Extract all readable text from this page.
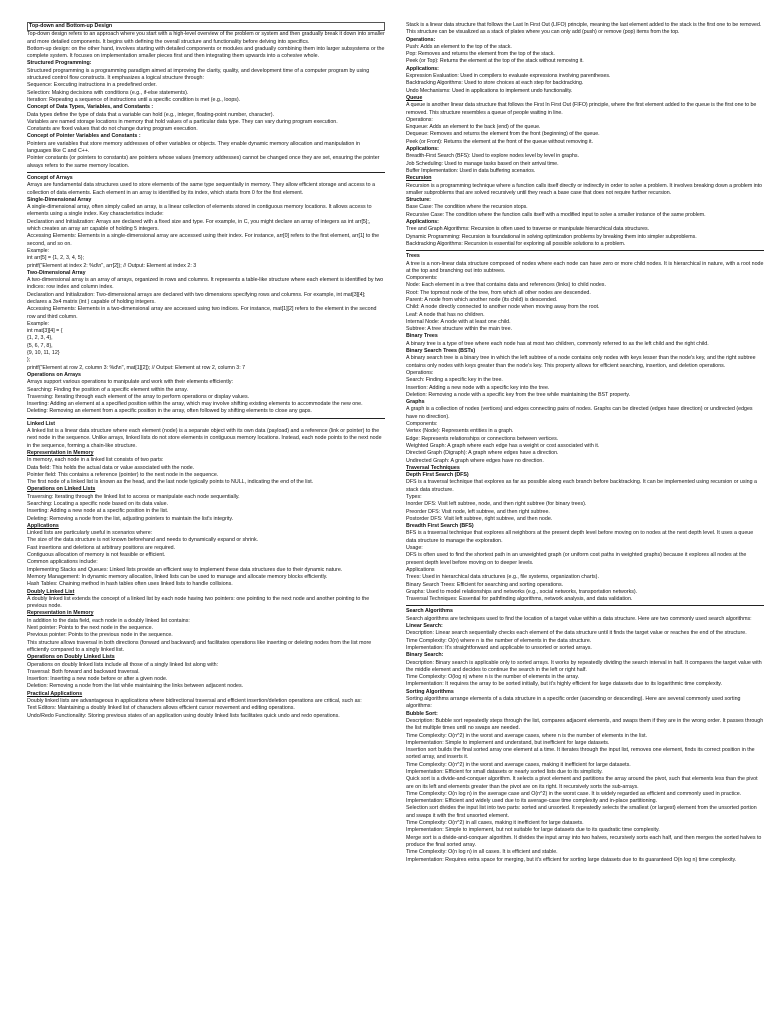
Top-down and Bottom-up Design

Top-down design refers to an approach where you start with a high-level overview of the problem or system and then gradually break it down into smaller and more detailed components. It begins with defining the overall structure and functionality before delving into specifics.

Bottom-up design: on the other hand, involves starting with detailed components or modules and gradually combining them into larger subsystems or the complete system. It focuses on implementation smaller pieces first and then integrating them upwards into a cohesive whole.

Structured Programming:

Structured programming is a programming paradigm aimed at improving the clarity, quality, and development time of a computer program by using structured control flow constructs. It emphasizes a logical structure through:

Sequence: Executing instructions in a predefined order.

Selection: Making decisions with conditions (e.g., if-else statements).

Iteration: Repeating a sequence of instructions until a specific condition is met (e.g., loops).

Concept of Data Types, Variables, and Constants :

Data types define the type of data that a variable can hold (e.g., integer, floating-point number, character).

Variables are named storage locations in memory that hold values of a particular data type. They can vary during program execution.

Constants are fixed values that do not change during program execution.

Concept of Pointer Variables and Constants :

Pointers are variables that store memory addresses of other variables or objects. They enable dynamic memory allocation and manipulation in languages like C and C++.

Pointer constants (or pointers to constants) are pointers whose values (memory addresses) cannot be changed once they are set, ensuring the pointer always refers to the same memory location.

Concept of Arrays

Arrays are fundamental data structures used to store elements of the same type sequentially in memory. They allow efficient storage and access to a collection of data elements. Each element in an array is identified by its index, which starts from 0 for the first element.

Single-Dimensional Array

A single-dimensional array, often simply called an array, is a linear collection of elements stored in contiguous memory locations. It allows access to elements using a single index. Key characteristics include:

Declaration and Initialization: Arrays are declared with a fixed size and type. For example, in C, you might declare an array of integers as int arr[5];, which creates an array arr capable of holding 5 integers.

Accessing Elements: Elements in a single-dimensional array are accessed using their index. For instance, arr[0] refers to the first element, arr[1] to the second, and so on.

Example:

int arr[5] = {1, 2, 3, 4, 5};

printf("Element at index 2: %d\n", arr[2]); // Output: Element at index 2: 3

Two-Dimensional Array

A two-dimensional array is an array of arrays, organized in rows and columns. It represents a table-like structure where each element is identified by two indices: row index and column index.

Declaration and Initialization: Two-dimensional arrays are declared with two dimensions specifying rows and columns. For example, int mat[3][4]; declares a 3x4 matrix (int ) capable of holding integers.

Accessing Elements: Elements in a two-dimensional array are accessed using two indices. For instance, mat[1][2] refers to the element in the second row and third column.

Example:

int mat[3][4] = {

{1, 2, 3, 4},

{5, 6, 7, 8},

{9, 10, 11, 12}

};

printf("Element at row 2, column 3: %d\n", mat[1][2]); // Output: Element at row 2, column 3: 7

Operations on Arrays

Arrays support various operations to manipulate and work with their elements efficiently:

Searching: Finding the position of a specific element within the array.

Traversing: Iterating through each element of the array to perform operations or display values.

Inserting: Adding an element at a specified position within the array, which may involve shifting existing elements to accommodate the new one.

Deleting: Removing an element from a specific position in the array, often followed by shifting elements to close any gaps.

Linked List

A linked list is a linear data structure where each element (node) is a separate object with its own data (payload) and a reference (link or pointer) to the next node in the sequence. Unlike arrays, linked lists do not store elements in contiguous memory locations. Instead, each node points to the next node in the sequence, forming a chain-like structure.

Representation in Memory

In memory, each node in a linked list consists of two parts:

Data field: This holds the actual data or value associated with the node.

Pointer field: This contains a reference (pointer) to the next node in the sequence.

The first node of a linked list is known as the head, and the last node typically points to NULL, indicating the end of the list.

Operations on Linked Lists

Traversing: Iterating through the linked list to access or manipulate each node sequentially.

Searching: Locating a specific node based on its data value.

Inserting: Adding a new node at a specific position in the list.

Deleting: Removing a node from the list, adjusting pointers to maintain the list's integrity.

Applications

Linked lists are particularly useful in scenarios where:

The size of the data structure is not known beforehand and needs to dynamically expand or shrink.

Fast insertions and deletions at arbitrary positions are required.

Contiguous allocation of memory is not feasible or efficient.

Common applications include:

Implementing Stacks and Queues: Linked lists provide an efficient way to implement these data structures due to their dynamic nature.

Memory Management: In dynamic memory allocation, linked lists can be used to manage and allocate memory blocks efficiently.

Hash Tables: Chaining method in hash tables often uses linked lists to handle collisions.

Doubly Linked List

A doubly linked list extends the concept of a linked list by each node having two pointers: one pointing to the next node and another pointing to the previous node.

Representation in Memory

In addition to the data field, each node in a doubly linked list contains:

Next pointer: Points to the next node in the sequence.

Previous pointer: Points to the previous node in the sequence.

This structure allows traversal in both directions (forward and backward) and facilitates operations like inserting or deleting nodes from the list more efficiently compared to a singly linked list.

Operations on Doubly Linked Lists

Operations on doubly linked lists include all those of a singly linked list along with:

Traversal: Both forward and backward traversal.

Insertion: Inserting a new node before or after a given node.

Deletion: Removing a node from the list while maintaining the links between adjacent nodes.

Practical Applications

Doubly linked lists are advantageous in applications where bidirectional traversal and efficient insertion/deletion operations are critical, such as:

Text Editors: Maintaining a doubly linked list of characters allows efficient cursor movement and editing operations.

Undo/Redo Functionality: Storing previous states of an application using doubly linked lists facilitates quick undo and redo operations.

Stack is a linear data structure that follows the Last In First Out (LIFO) principle, meaning the last element added to the stack is the first one to be removed. This structure can be visualized as a stack of plates where you can only add (push) or remove (pop) items from the top.

Operations:

Push: Adds an element to the top of the stack.

Pop: Removes and returns the element from the top of the stack.

Peek (or Top): Returns the element at the top of the stack without removing it.

Applications:

Expression Evaluation: Used in compilers to evaluate expressions involving parentheses.

Backtracking Algorithms: Used to store choices at each step for backtracking.

Undo Mechanisms: Used in applications to implement undo functionality.

Queue

A queue is another linear data structure that follows the First In First Out (FIFO) principle, where the first element added to the queue is the first one to be removed. This structure resembles a queue of people waiting in line.

Operations:

Enqueue: Adds an element to the back (end) of the queue.

Dequeue: Removes and returns the element from the front (beginning) of the queue.

Peek (or Front): Returns the element at the front of the queue without removing it.

Applications:

Breadth-First Search (BFS): Used to explore nodes level by level in graphs.

Job Scheduling: Used to manage tasks based on their arrival time.

Buffer Implementation: Used in data buffering scenarios.

Recursion

Recursion is a programming technique where a function calls itself directly or indirectly in order to solve a problem. It involves breaking down a problem into smaller subproblems that are solved recursively until they reach a base case that does not require further recursion.

Structure:

Base Case: The condition where the recursion stops.

Recursive Case: The condition where the function calls itself with a modified input to solve a smaller instance of the same problem.

Applications:

Tree and Graph Algorithms: Recursion is often used to traverse or manipulate hierarchical data structures.

Dynamic Programming: Recursion is foundational in solving optimization problems by breaking them into simpler subproblems.

Backtracking Algorithms: Recursion is essential for exploring all possible solutions to a problem.

Trees

A tree is a non-linear data structure composed of nodes where each node can have zero or more child nodes. It is hierarchical in nature, with a root node at the top and branching out into subtrees.

Components:

Node: Each element in a tree that contains data and references (links) to child nodes.

Root: The topmost node of the tree, from which all other nodes are descended.

Parent: A node from which another node (its child) is descended.

Child: A node directly connected to another node when moving away from the root.

Leaf: A node that has no children.

Internal Node: A node with at least one child.

Subtree: A tree structure within the main tree.

Binary Trees

A binary tree is a type of tree where each node has at most two children, commonly referred to as the left child and the right child.

Binary Search Trees (BSTs)

A binary search tree is a binary tree in which the left subtree of a node contains only nodes with keys lesser than the node's key, and the right subtree contains only nodes with keys greater than the node's key. This property allows for efficient searching, insertion, and deletion operations.

Operations:

Search: Finding a specific key in the tree.

Insertion: Adding a new node with a specific key into the tree.

Deletion: Removing a node with a specific key from the tree while maintaining the BST property.

Graphs

A graph is a collection of nodes (vertices) and edges connecting pairs of nodes. Graphs can be directed (edges have direction) or undirected (edges have no direction).

Components:

Vertex (Node): Represents entities in a graph.

Edge: Represents relationships or connections between vertices.

Weighted Graph: A graph where each edge has a weight or cost associated with it.

Directed Graph (Digraph): A graph where edges have a direction.

Undirected Graph: A graph where edges have no direction.

Traversal Techniques

Depth First Search (DFS)

DFS is a traversal technique that explores as far as possible along each branch before backtracking. It can be implemented using recursion or using a stack data structure.

Types:

Inorder DFS: Visit left subtree, node, and then right subtree (for binary trees).

Preorder DFS: Visit node, left subtree, and then right subtree.

Postorder DFS: Visit left subtree, right subtree, and then node.

Breadth First Search (BFS)

BFS is a traversal technique that explores all neighbors at the present depth level before moving on to nodes at the next depth level. It uses a queue data structure to manage the exploration.

Usage:

DFS is often used to find the shortest path in an unweighted graph (or uniform cost paths in weighted graphs) because it explores all nodes at the present depth level before moving on to deeper levels.

Applications

Trees: Used in hierarchical data structures (e.g., file systems, organization charts).

Binary Search Trees: Efficient for searching and sorting operations.

Graphs: Used to model relationships and networks (e.g., social networks, transportation networks).

Traversal Techniques: Essential for pathfinding algorithms, network analysis, and data validation.

Search Algorithms

Search algorithms are techniques used to find the location of a target value within a data structure. Here are two commonly used search algorithms:

Linear Search:

Description: Linear search sequentially checks each element of the data structure until it finds the target value or reaches the end of the structure.

Time Complexity: O(n) where n is the number of elements in the data structure.

Implementation: It's straightforward and applicable to unsorted or sorted arrays.

Binary Search:

Description: Binary search is applicable only to sorted arrays. It works by repeatedly dividing the search interval in half. It compares the target value with the middle element and decides to continue the search in the left or right half.

Time Complexity: O(log n) where n is the number of elements in the array.

Implementation: It requires the array to be sorted initially, but it's highly efficient for large datasets due to its logarithmic time complexity.

Sorting Algorithms

Sorting algorithms arrange elements of a data structure in a specific order (ascending or descending). Here are several commonly used sorting algorithms:

Bubble Sort:

Description: Bubble sort repeatedly steps through the list, compares adjacent elements, and swaps them if they are in the wrong order. It passes through the list multiple times until no swaps are needed.

Time Complexity: O(n^2) in the worst and average cases, where n is the number of elements in the list.

Implementation: Simple to implement and understand, but inefficient for large datasets.

Insertion sort builds the final sorted array one element at a time. It iterates through the input list, removes one element, finds its correct position in the sorted array, and inserts it.

Time Complexity: O(n^2) in the worst and average cases, making it inefficient for large datasets.

Implementation: Efficient for small datasets or nearly sorted lists due to its simplicity.

Quick sort is a divide-and-conquer algorithm. It selects a pivot element and partitions the array around the pivot, such that elements less than the pivot are on its left and elements greater than the pivot are on its right. It recursively sorts the sub-arrays.

Time Complexity: O(n log n) in the average case and O(n^2) in the worst case. It is widely regarded as efficient and commonly used in practice.

Implementation: Efficient and widely used due to its average-case time complexity and in-place partitioning.

Selection sort divides the input list into two parts: sorted and unsorted. It repeatedly selects the smallest (or largest) element from the unsorted portion and swaps it with the first unsorted element.

Time Complexity: O(n^2) in all cases, making it inefficient for large datasets.

Implementation: Simple to implement, but not suitable for large datasets due to its quadratic time complexity.

Merge sort is a divide-and-conquer algorithm. It divides the input array into two halves, recursively sorts each half, and then merges the sorted halves to produce the final sorted array.

Time Complexity: O(n log n) in all cases. It is efficient and stable.

Implementation: Requires extra space for merging, but it's efficient for sorting large datasets due to its guaranteed O(n log n) time complexity.
